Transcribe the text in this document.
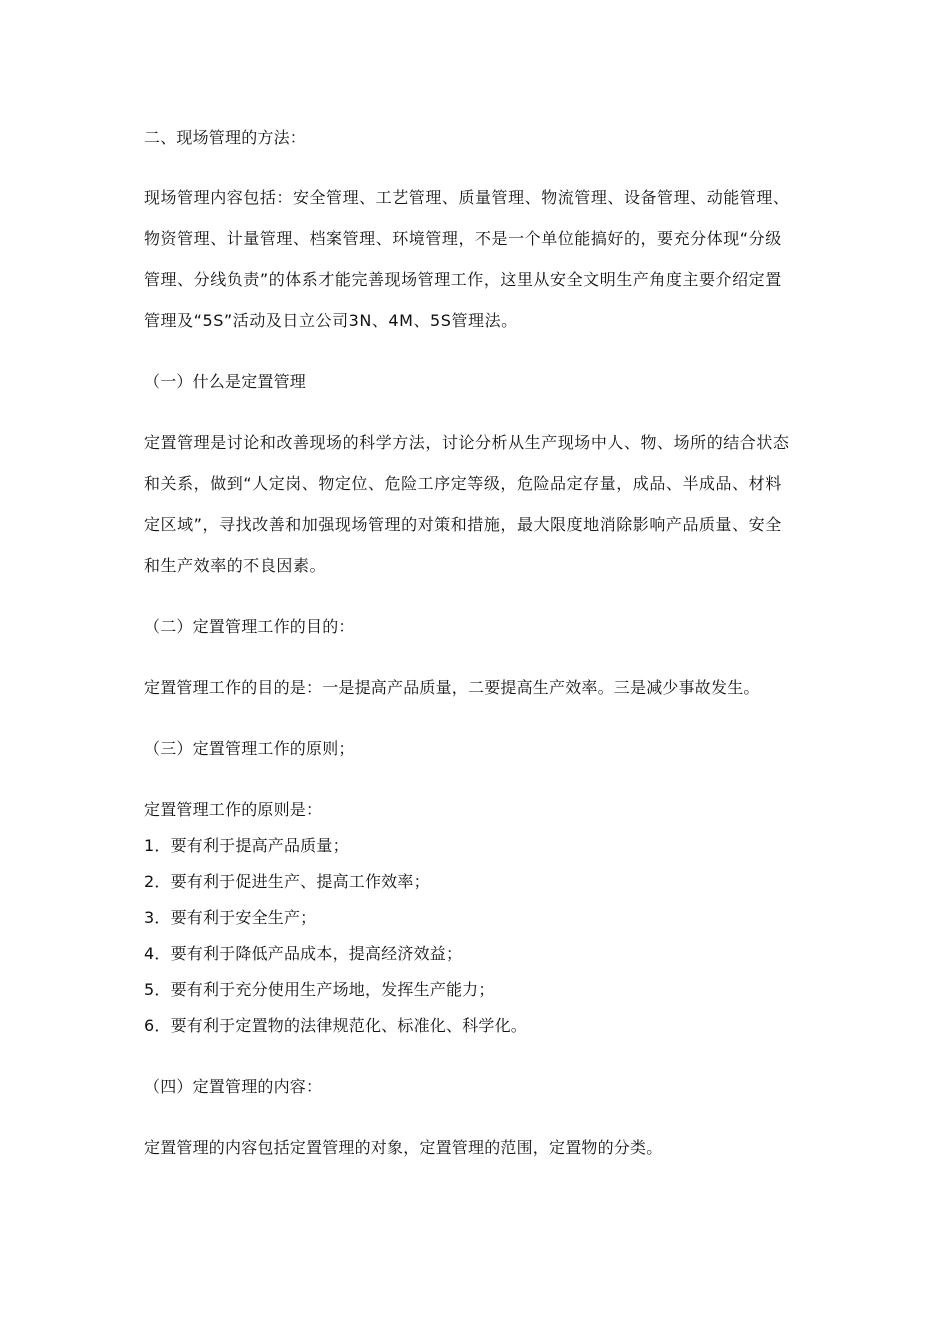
二、现场管理的方法：
现场管理内容包括：安全管理、工艺管理、质量管理、物流管理、设备管理、动能管理、
物资管理、计量管理、档案管理、环境管理，不是一个单位能搞好的，要充分体现“分级
管理、分线负责”的体系才能完善现场管理工作，这里从安全文明生产角度主要介绍定置
管理及“5S”活动及日立公司3N、4M、5S管理法。
（一）什么是定置管理
定置管理是讨论和改善现场的科学方法，讨论分析从生产现场中人、物、场所的结合状态
和关系，做到“人定岗、物定位、危险工序定等级，危险品定存量，成品、半成品、材料
定区域”，寻找改善和加强现场管理的对策和措施，最大限度地消除影响产品质量、安全
和生产效率的不良因素。
（二）定置管理工作的目的：
定置管理工作的目的是：一是提高产品质量，二要提高生产效率。三是减少事故发生。
（三）定置管理工作的原则；
定置管理工作的原则是：
1．要有利于提高产品质量；
2．要有利于促进生产、提高工作效率；
3．要有利于安全生产；
4．要有利于降低产品成本，提高经济效益；
5．要有利于充分使用生产场地，发挥生产能力；
6．要有利于定置物的法律规范化、标准化、科学化。
（四）定置管理的内容：
定置管理的内容包括定置管理的对象，定置管理的范围，定置物的分类。
